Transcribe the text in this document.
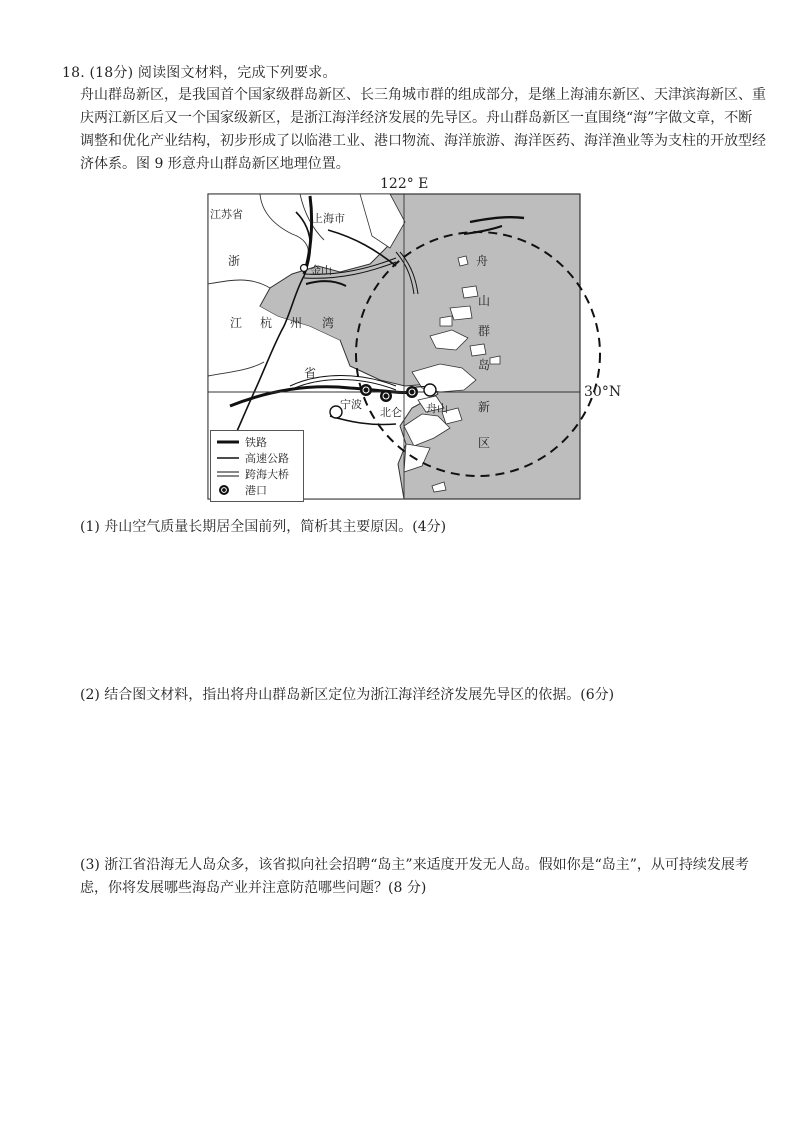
18. (18分) 阅读图文材料，完成下列要求。
舟山群岛新区，是我国首个国家级群岛新区、长三角城市群的组成部分，是继上海浦东新区、天津滨海新区、重
庆两江新区后又一个国家级新区，是浙江海洋经济发展的先导区。舟山群岛新区一直围绕“海”字做文章，不断
调整和优化产业结构，初步形成了以临港工业、港口物流、海洋旅游、海洋医药、海洋渔业等为支柱的开放型经
济体系。图 9 形意舟山群岛新区地理位置。
122° E
30°N
江苏省	上海市
浙
江
省
金山
杭 州 湾
宁波
北仑 舟山
舟
山
群
岛
新
区
铁路
高速公路
跨海大桥
港口
(1) 舟山空气质量长期居全国前列，简析其主要原因。(4分)
(2) 结合图文材料，指出将舟山群岛新区定位为浙江海洋经济发展先导区的依据。(6分)
(3) 浙江省沿海无人岛众多，该省拟向社会招聘“岛主”来适度开发无人岛。假如你是“岛主”，从可持续发展考
虑，你将发展哪些海岛产业并注意防范哪些问题？(8 分)
